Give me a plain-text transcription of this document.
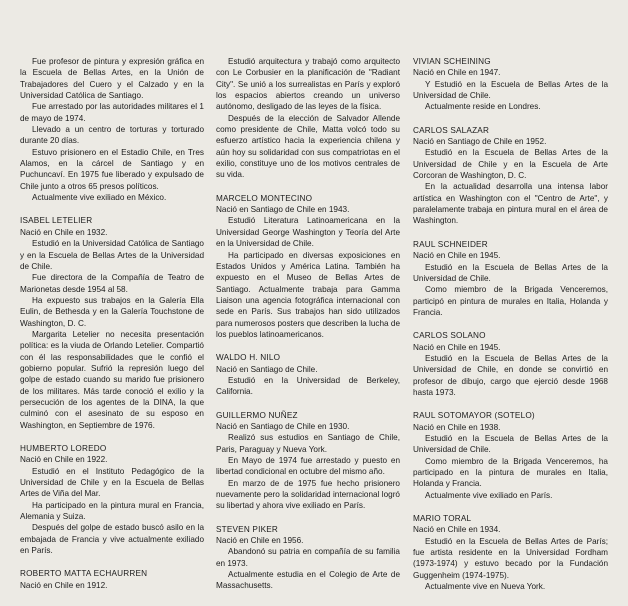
Fue profesor de pintura y expresión gráfica en la Escuela de Bellas Artes, en la Unión de Trabajadores del Cuero y el Calzado y en la Universidad Católica de Santiago.

Fue arrestado por las autoridades militares el 1 de mayo de 1974.

Llevado a un centro de torturas y torturado durante 20 días.

Estuvo prisionero en el Estadio Chile, en Tres Alamos, en la cárcel de Santiago y en Puchuncaví. En 1975 fue liberado y expulsado de Chile junto a otros 65 presos políticos.

Actualmente vive exiliado en México.

ISABEL LETELIER

Nació en Chile en 1932.

Estudió en la Universidad Católica de Santiago y en la Escuela de Bellas Artes de la Universidad de Chile.

Fue directora de la Compañía de Teatro de Marionetas desde 1954 al 58.

Ha expuesto sus trabajos en la Galería Ella Eulin, de Bethesda y en la Galería Touchstone de Washington, D. C.

Margarita Letelier no necesita presentación política: es la viuda de Orlando Letelier. Compartió con él las responsabilidades que le confió el gobierno popular. Sufrió la represión luego del golpe de estado cuando su marido fue prisionero de los militares. Más tarde conoció el exilio y la persecución de los agentes de la DINA, la que culminó con el asesinato de su esposo en Washington, en Septiembre de 1976.

HUMBERTO LOREDO

Nació en Chile en 1922.

Estudió en el Instituto Pedagógico de la Universidad de Chile y en la Escuela de Bellas Artes de Viña del Mar.

Ha participado en la pintura mural en Francia, Alemania y Suiza.

Después del golpe de estado buscó asilo en la embajada de Francia y vive actualmente exiliado en París.

ROBERTO MATTA ECHAURREN

Nació en Chile en 1912.

Estudió arquitectura y trabajó como arquitecto con Le Corbusier en la planificación de "Radiant City". Se unió a los surrealistas en París y exploró los espacios abiertos creando un universo autónomo, desligado de las leyes de la física.

Después de la elección de Salvador Allende como presidente de Chile, Matta volcó todo su esfuerzo artístico hacia la experiencia chilena y aún hoy su solidaridad con sus compatriotas en el exilio, constituye uno de los motivos centrales de su vida.

MARCELO MONTECINO

Nació en Santiago de Chile en 1943.

Estudió Literatura Latinoamericana en la Universidad George Washington y Teoría del Arte en la Universidad de Chile.

Ha participado en diversas exposiciones en Estados Unidos y América Latina. También ha expuesto en el Museo de Bellas Artes de Santiago. Actualmente trabaja para Gamma Liaison una agencia fotográfica internacional con sede en París. Sus trabajos han sido utilizados para numerosos posters que describen la lucha de los pueblos latinoamericanos.

WALDO H. NILO

Nació en Santiago de Chile.

Estudió en la Universidad de Berkeley, California.

GUILLERMO NUÑEZ

Nació en Santiago de Chile en 1930.

Realizó sus estudios en Santiago de Chile, Paris, Paraguay y Nueva York.

En Mayo de 1974 fue arrestado y puesto en libertad condicional en octubre del mismo año.

En marzo de de 1975 fue hecho prisionero nuevamente pero la solidaridad internacional logró su libertad y ahora vive exiliado en París.

STEVEN PIKER

Nació en Chile en 1956.

Abandonó su patria en compañía de su familia en 1973.

Actualmente estudia en el Colegio de Arte de Massachusetts.

VIVIAN SCHEINING

Nació en Chile en 1947.

Y Estudió en la Escuela de Bellas Artes de la Universidad de Chile.

Actualmente reside en Londres.

CARLOS SALAZAR

Nació en Santiago de Chile en 1952.

Estudió en la Escuela de Bellas Artes de la Universidad de Chile y en la Escuela de Arte Corcoran de Washington, D. C.

En la actualidad desarrolla una intensa labor artística en Washington con el "Centro de Arte", y paralelamente trabaja en pintura mural en el área de Washington.

RAUL SCHNEIDER

Nació en Chile en 1945.

Estudió en la Escuela de Bellas Artes de la Universidad de Chile.

Como miembro de la Brigada Venceremos, participó en pintura de murales en Italia, Holanda y Francia.

CARLOS SOLANO

Nació en Chile en 1945.

Estudió en la Escuela de Bellas Artes de la Universidad de Chile, en donde se convirtió en profesor de dibujo, cargo que ejerció desde 1968 hasta 1973.

RAUL SOTOMAYOR (SOTELO)

Nació en Chile en 1938.

Estudió en la Escuela de Bellas Artes de la Universidad de Chile.

Como miembro de la Brigada Venceremos, ha participado en la pintura de murales en Italia, Holanda y Francia.

Actualmente vive exiliado en París.

MARIO TORAL

Nació en Chile en 1934.

Estudió en la Escuela de Bellas Artes de París; fue artista residente en la Universidad Fordham (1973-1974) y estuvo becado por la Fundación Guggenheim (1974-1975).

Actualmente vive en Nueva York.
